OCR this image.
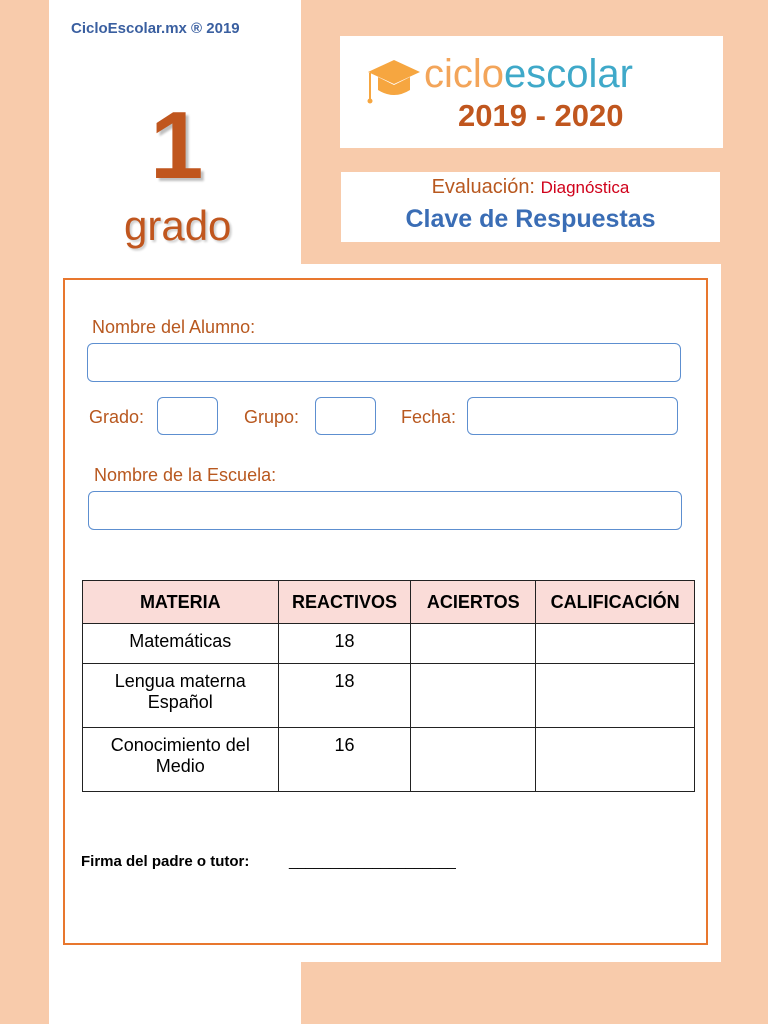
CicloEscolar.mx ® 2019
1
grado
cicloescolar
2019 - 2020
Evaluación: Diagnóstica
Clave de Respuestas
Nombre del Alumno:
Grado:	Grupo:	Fecha:
Nombre de la Escuela:
MATERIA	REACTIVOS	ACIERTOS	CALIFICACIÓN
Matemáticas	18		
Lengua materna Español	18		
Conocimiento del Medio	16		
Firma del padre o tutor:	____________________
